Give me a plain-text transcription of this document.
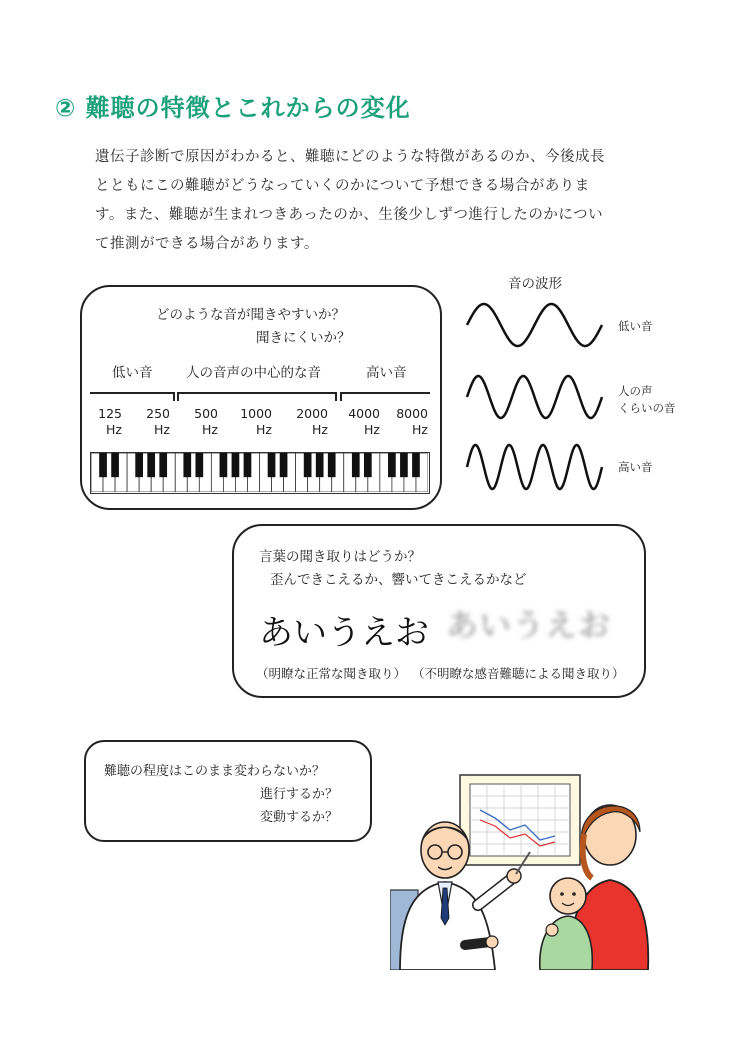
② 難聴の特徴とこれからの変化
遺伝子診断で原因がわかると、難聴にどのような特徴があるのか、今後成長
とともにこの難聴がどうなっていくのかについて予想できる場合がありま
す。また、難聴が生まれつきあったのか、生後少しずつ進行したのかについ
て推測ができる場合があります。
どのような音が聞きやすいか？
聞きにくいか？
低い音 人の音声の中心的な音	高い音
125
Hz
250
Hz
500
Hz
1000
Hz
2000
Hz
4000
Hz
8000
Hz
音の波形
低い音
人の声
くらいの音
高い音
言葉の聞き取りはどうか？
歪んできこえるか、響いてきこえるかなど
あいうえお あいうえお
（明瞭な正常な聞き取り） （不明瞭な感音難聴による聞き取り）
難聴の程度はこのまま変わらないか？
進行するか？
変動するか？
